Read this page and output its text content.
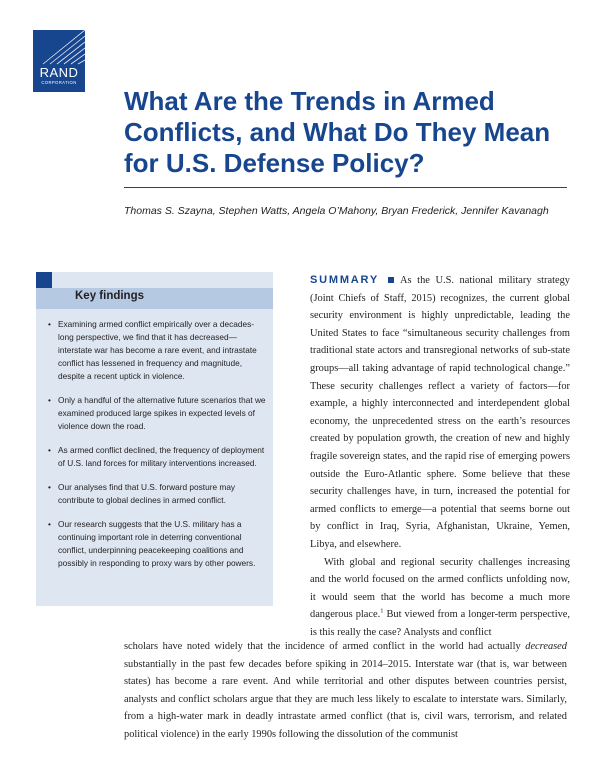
RAND
CORPORATION
What Are the Trends in Armed Conflicts, and What Do They Mean for U.S. Defense Policy?
Thomas S. Szayna, Stephen Watts, Angela O’Mahony, Bryan Frederick, Jennifer Kavanagh
Key findings
• Examining armed conflict empirically over a decades-long perspective, we find that it has decreased—interstate war has become a rare event, and intrastate conflict has lessened in frequency and magnitude, despite a recent uptick in violence.
• Only a handful of the alternative future scenarios that we examined produced large spikes in expected levels of violence down the road.
• As armed conflict declined, the frequency of deployment of U.S. land forces for military interventions increased.
• Our analyses find that U.S. forward posture may contribute to global declines in armed conflict.
• Our research suggests that the U.S. military has a continuing important role in deterring conventional conflict, underpinning peacekeeping coalitions and possibly in responding to proxy wars by other powers.

SUMMARY As the U.S. national military strategy (Joint Chiefs of Staff, 2015) recognizes, the current global security environment is highly unpredictable, leading the United States to face “simultaneous security challenges from traditional state actors and transregional networks of sub-state groups—all taking advantage of rapid technological change.” These security challenges reflect a variety of factors—for example, a highly interconnected and interdependent global economy, the unprecedented stress on the earth’s resources created by population growth, the creation of new and highly fragile sovereign states, and the rapid rise of emerging powers outside the Euro-Atlantic sphere. Some believe that these security challenges have, in turn, increased the potential for armed conflicts to emerge—a potential that seems borne out by conflict in Iraq, Syria, Afghanistan, Ukraine, Yemen, Libya, and elsewhere.

With global and regional security challenges increasing and the world focused on the armed conflicts unfolding now, it would seem that the world has become a much more dangerous place.$^1$ But viewed from a longer-term perspective, is this really the case? Analysts and conflict

scholars have noted widely that the incidence of armed conflict in the world had actually decreased substantially in the past few decades before spiking in 2014–2015. Interstate war (that is, war between states) has become a rare event. And while territorial and other disputes between countries persist, analysts and conflict scholars argue that they are much less likely to escalate to interstate wars. Similarly, from a high-water mark in deadly intrastate armed conflict (that is, civil wars, terrorism, and related political violence) in the early 1990s following the dissolution of the communist
